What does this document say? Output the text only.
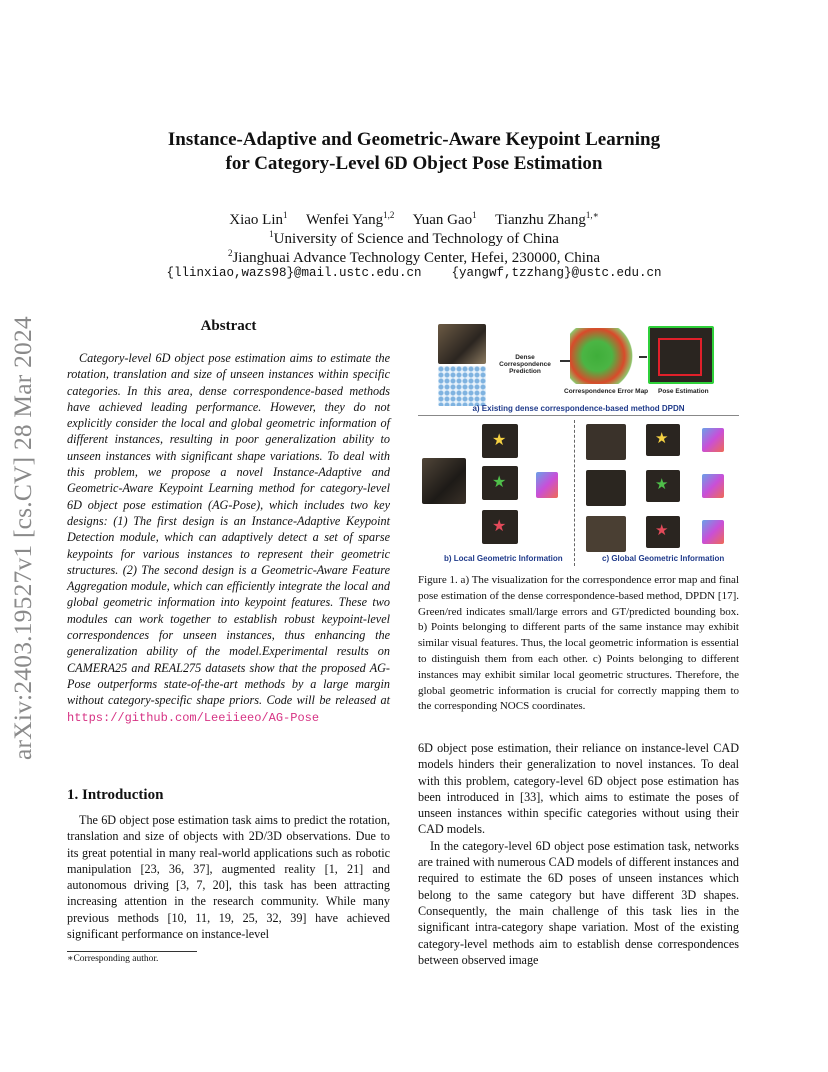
arXiv:2403.19527v1 [cs.CV] 28 Mar 2024
Instance-Adaptive and Geometric-Aware Keypoint Learning
for Category-Level 6D Object Pose Estimation
Xiao Lin$^1$ Wenfei Yang$^{1,2}$ Yuan Gao$^1$ Tianzhu Zhang$^{1,∗}$
$^1$University of Science and Technology of China
$^2$Jianghuai Advance Technology Center, Hefei, 230000, China
{llinxiao,wazs98}@mail.ustc.edu.cn {yangwf,tzzhang}@ustc.edu.cn
Abstract
Category-level 6D object pose estimation aims to estimate the rotation, translation and size of unseen instances within specific categories. In this area, dense correspondence-based methods have achieved leading performance. However, they do not explicitly consider the local and global geometric information of different instances, resulting in poor generalization ability to unseen instances with significant shape variations. To deal with this problem, we propose a novel Instance-Adaptive and Geometric-Aware Keypoint Learning method for category-level 6D object pose estimation (AG-Pose), which includes two key designs: (1) The first design is an Instance-Adaptive Keypoint Detection module, which can adaptively detect a set of sparse keypoints for various instances to represent their geometric structures. (2) The second design is a Geometric-Aware Feature Aggregation module, which can efficiently integrate the local and global geometric information into keypoint features. These two modules can work together to establish robust keypoint-level correspondences for unseen instances, thus enhancing the generalization ability of the model.Experimental results on CAMERA25 and REAL275 datasets show that the proposed AG-Pose outperforms state-of-the-art methods by a large margin without category-specific shape priors. Code will be released at https://github.com/Leeiieeo/AG-Pose
1. Introduction

The 6D object pose estimation task aims to predict the rotation, translation and size of objects with 2D/3D observations. Due to its great potential in many real-world applications such as robotic manipulation [23, 36, 37], augmented reality [1, 21] and autonomous driving [3, 7, 20], this task has been attracting increasing attention in the research community. While many previous methods [10, 11, 19, 25, 32, 39] have achieved significant performance on instance-level

∗Corresponding author.
Dense Correspondence Prediction
Correspondence Error Map Pose Estimation
a) Existing dense correspondence-based method DPDN
★
★
★
b) Local Geometric Information
★
★
★
c) Global Geometric Information
Figure 1. a) The visualization for the correspondence error map and final pose estimation of the dense correspondence-based method, DPDN [17]. Green/red indicates small/large errors and GT/predicted bounding box. b) Points belonging to different parts of the same instance may exhibit similar visual features. Thus, the local geometric information is essential to distinguish them from each other. c) Points belonging to different instances may exhibit similar local geometric structures. Therefore, the global geometric information is crucial for correctly mapping them to the corresponding NOCS coordinates.

6D object pose estimation, their reliance on instance-level CAD models hinders their generalization to novel instances. To deal with this problem, category-level 6D object pose estimation has been introduced in [33], which aims to estimate the poses of unseen instances within specific categories without using their CAD models.

In the category-level 6D object pose estimation task, networks are trained with numerous CAD models of different instances and required to estimate the 6D poses of unseen instances which belong to the same category but have different 3D shapes. Consequently, the main challenge of this task lies in the significant intra-category shape variation. Most of the existing category-level methods aim to establish dense correspondences between observed image
